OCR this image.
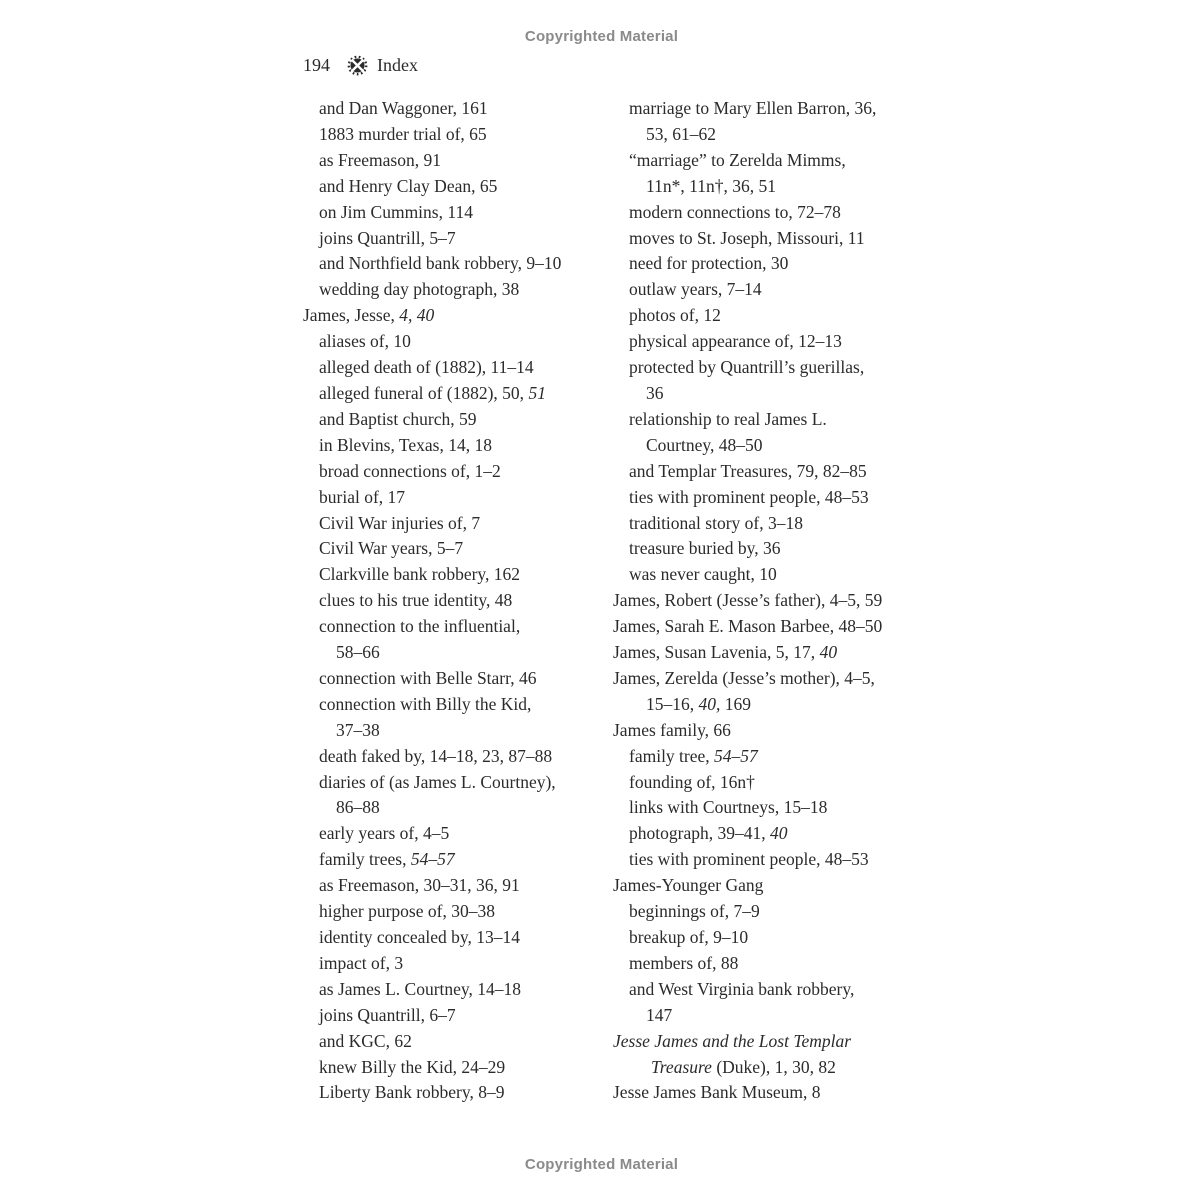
Copyrighted Material
194	Index
and Dan Waggoner, 161
1883 murder trial of, 65
as Freemason, 91
and Henry Clay Dean, 65
on Jim Cummins, 114
joins Quantrill, 5–7
and Northfield bank robbery, 9–10
wedding day photograph, 38
James, Jesse, 4, 40
aliases of, 10
alleged death of (1882), 11–14
alleged funeral of (1882), 50, 51
and Baptist church, 59
in Blevins, Texas, 14, 18
broad connections of, 1–2
burial of, 17
Civil War injuries of, 7
Civil War years, 5–7
Clarkville bank robbery, 162
clues to his true identity, 48
connection to the influential,
58–66
connection with Belle Starr, 46
connection with Billy the Kid,
37–38
death faked by, 14–18, 23, 87–88
diaries of (as James L. Courtney),
86–88
early years of, 4–5
family trees, 54–57
as Freemason, 30–31, 36, 91
higher purpose of, 30–38
identity concealed by, 13–14
impact of, 3
as James L. Courtney, 14–18
joins Quantrill, 6–7
and KGC, 62
knew Billy the Kid, 24–29
Liberty Bank robbery, 8–9
marriage to Mary Ellen Barron, 36,
53, 61–62
“marriage” to Zerelda Mimms,
11n*, 11n†, 36, 51
modern connections to, 72–78
moves to St. Joseph, Missouri, 11
need for protection, 30
outlaw years, 7–14
photos of, 12
physical appearance of, 12–13
protected by Quantrill’s guerillas,
36
relationship to real James L.
Courtney, 48–50
and Templar Treasures, 79, 82–85
ties with prominent people, 48–53
traditional story of, 3–18
treasure buried by, 36
was never caught, 10
James, Robert (Jesse’s father), 4–5, 59
James, Sarah E. Mason Barbee, 48–50
James, Susan Lavenia, 5, 17, 40
James, Zerelda (Jesse’s mother), 4–5,
15–16, 40, 169
James family, 66
family tree, 54–57
founding of, 16n†
links with Courtneys, 15–18
photograph, 39–41, 40
ties with prominent people, 48–53
James-Younger Gang
beginnings of, 7–9
breakup of, 9–10
members of, 88
and West Virginia bank robbery,
147
Jesse James and the Lost Templar
Treasure (Duke), 1, 30, 82
Jesse James Bank Museum, 8
Copyrighted Material
